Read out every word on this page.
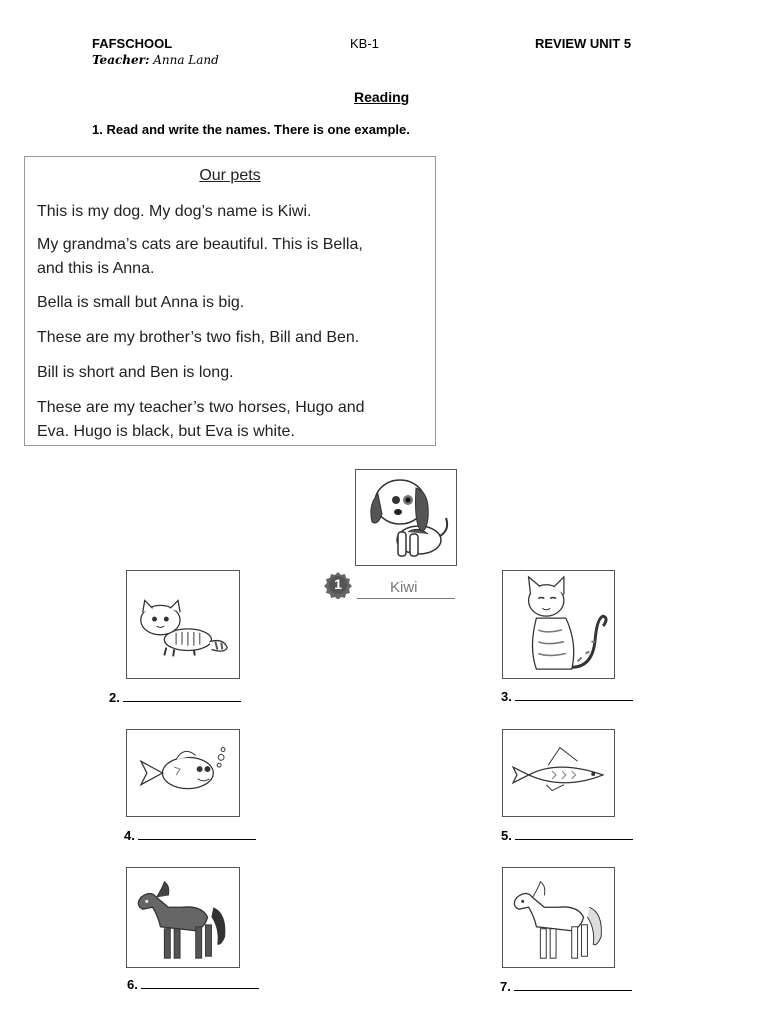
FAFSCHOOL	KB-1	REVIEW UNIT 5
Teacher: Anna Land
Reading
1. Read and write the names. There is one example.
Our pets
This is my dog. My dog’s name is Kiwi.
My grandma’s cats are beautiful. This is Bella,
and this is Anna.
Bella is small but Anna is big.
These are my brother’s two fish, Bill and Ben.
Bill is short and Ben is long.
These are my teacher’s two horses, Hugo and
Eva. Hugo is black, but Eva is white.
1	Kiwi
2.	3.
4.	5.
6.	7.
